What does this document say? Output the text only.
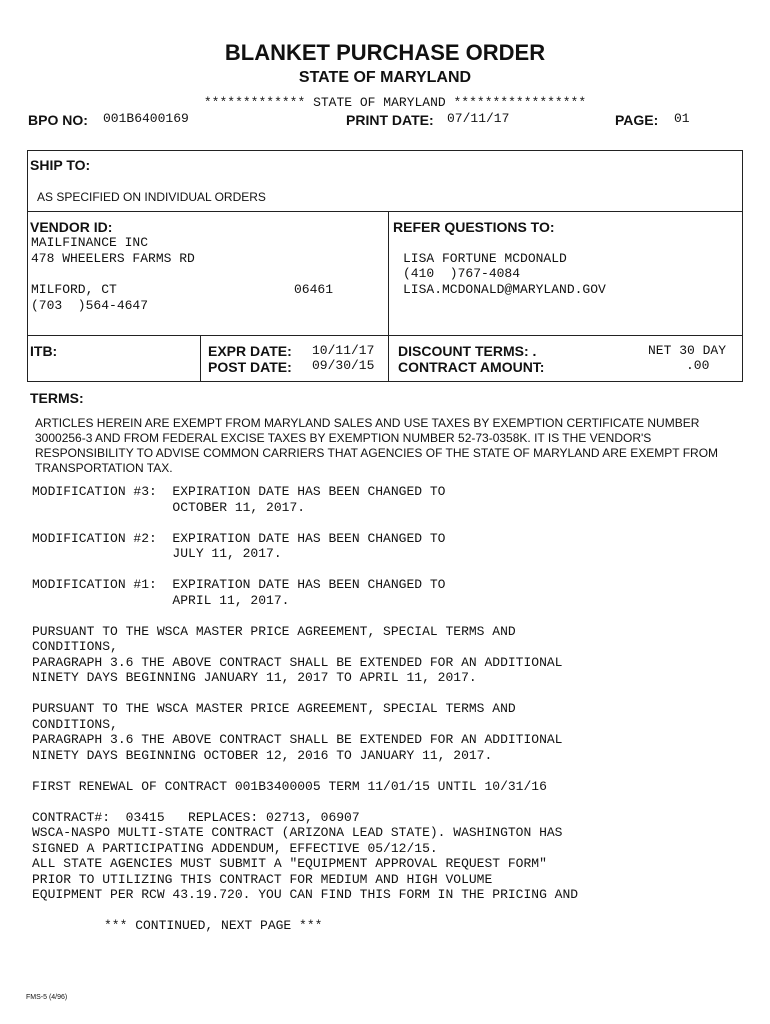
BLANKET PURCHASE ORDER
STATE OF MARYLAND
************* STATE OF MARYLAND *****************
BPO NO: 001B6400169	PRINT DATE: 07/11/17	PAGE: 01
SHIP TO:
AS SPECIFIED ON INDIVIDUAL ORDERS
VENDOR ID:
MAILFINANCE INC
478 WHEELERS FARMS RD
MILFORD, CT	06461
(703  )564-4647
REFER QUESTIONS TO:
LISA FORTUNE MCDONALD
(410  )767-4084
LISA.MCDONALD@MARYLAND.GOV
ITB:	EXPR DATE: 10/11/17
POST DATE: 09/30/15
DISCOUNT TERMS: .	NET 30 DAY
CONTRACT AMOUNT:	.00
TERMS:
ARTICLES HEREIN ARE EXEMPT FROM MARYLAND SALES AND USE TAXES BY EXEMPTION CERTIFICATE NUMBER 3000256-3 AND FROM FEDERAL EXCISE TAXES BY EXEMPTION NUMBER 52-73-0358K. IT IS THE VENDOR'S RESPONSIBILITY TO ADVISE COMMON CARRIERS THAT AGENCIES OF THE STATE OF MARYLAND ARE EXEMPT FROM TRANSPORTATION TAX.
MODIFICATION #3:  EXPIRATION DATE HAS BEEN CHANGED TO
OCTOBER 11, 2017.
MODIFICATION #2:  EXPIRATION DATE HAS BEEN CHANGED TO
JULY 11, 2017.
MODIFICATION #1:  EXPIRATION DATE HAS BEEN CHANGED TO
APRIL 11, 2017.
PURSUANT TO THE WSCA MASTER PRICE AGREEMENT, SPECIAL TERMS AND
CONDITIONS,
PARAGRAPH 3.6 THE ABOVE CONTRACT SHALL BE EXTENDED FOR AN ADDITIONAL
NINETY DAYS BEGINNING JANUARY 11, 2017 TO APRIL 11, 2017.
PURSUANT TO THE WSCA MASTER PRICE AGREEMENT, SPECIAL TERMS AND
CONDITIONS,
PARAGRAPH 3.6 THE ABOVE CONTRACT SHALL BE EXTENDED FOR AN ADDITIONAL
NINETY DAYS BEGINNING OCTOBER 12, 2016 TO JANUARY 11, 2017.
FIRST RENEWAL OF CONTRACT 001B3400005 TERM 11/01/15 UNTIL 10/31/16
CONTRACT#:  03415   REPLACES: 02713, 06907
WSCA-NASPO MULTI-STATE CONTRACT (ARIZONA LEAD STATE). WASHINGTON HAS
SIGNED A PARTICIPATING ADDENDUM, EFFECTIVE 05/12/15.
ALL STATE AGENCIES MUST SUBMIT A "EQUIPMENT APPROVAL REQUEST FORM"
PRIOR TO UTILIZING THIS CONTRACT FOR MEDIUM AND HIGH VOLUME
EQUIPMENT PER RCW 43.19.720. YOU CAN FIND THIS FORM IN THE PRICING AND
*** CONTINUED, NEXT PAGE ***
FMS-5 (4/96)
